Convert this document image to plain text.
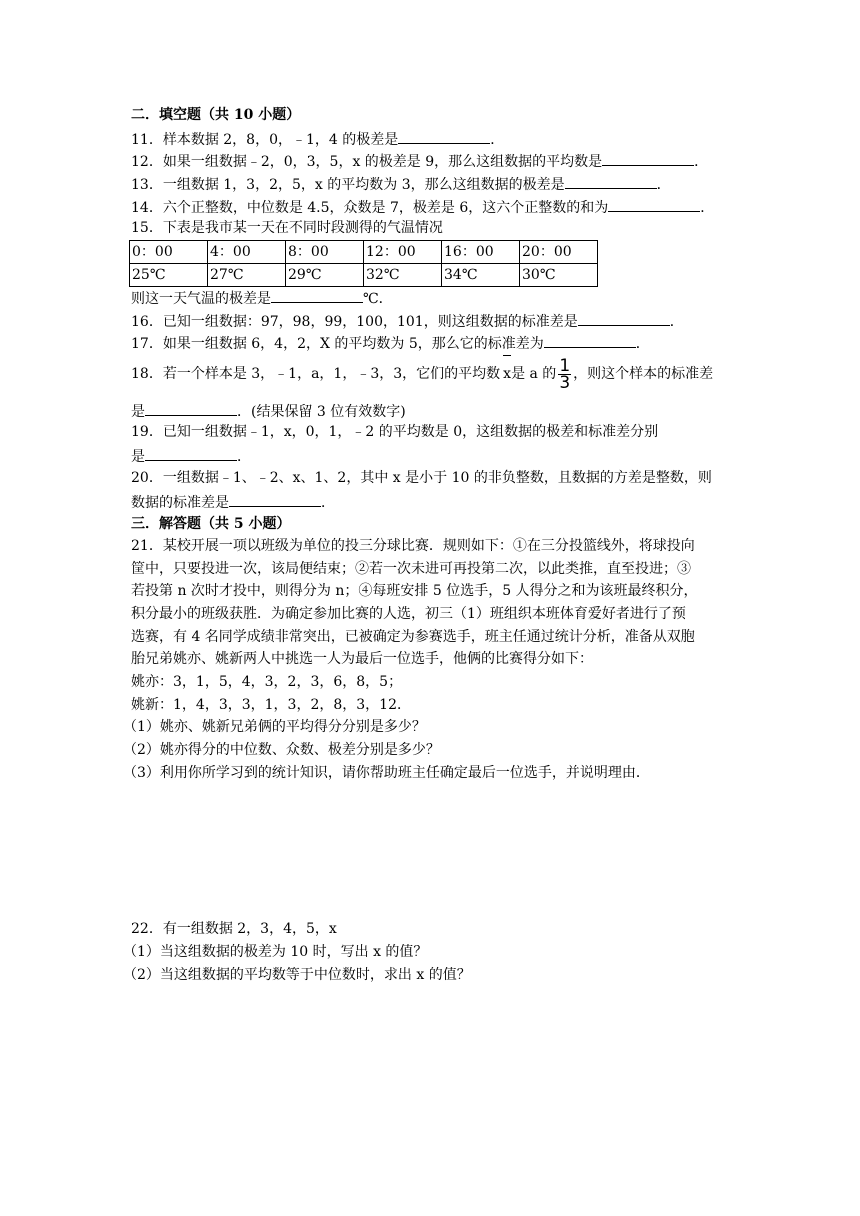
二．填空题（共 10 小题）
11．样本数据 2，8，0，﹣1，4 的极差是	．
12．如果一组数据﹣2，0，3，5，x 的极差是 9，那么这组数据的平均数是	．
13．一组数据 1，3，2，5，x 的平均数为 3，那么这组数据的极差是	．
14．六个正整数，中位数是 4.5，众数是 7，极差是 6，这六个正整数的和为	．
15．下表是我市某一天在不同时段测得的气温情况
0：00	4：00	8：00	12：00	16：00	20：00
25℃	27℃	29℃	32℃	34℃	30℃
则这一天气温的极差是	℃．
16．已知一组数据：97，98，99，100，101，则这组数据的标准差是	．
17．如果一组数据 6，4，2，X 的平均数为 5，那么它的标准差为	．
18．若一个样本是 3，﹣1，a，1，﹣3，3，它们的平均数 x是 a 的 $\frac{1}{3}$ ，则这个样本的标准差
是	．(结果保留 3 位有效数字)
19．已知一组数据﹣1，x，0，1，﹣2 的平均数是 0，这组数据的极差和标准差分别
是	．
20．一组数据﹣1、﹣2、x、1、2，其中 x 是小于 10 的非负整数，且数据的方差是整数，则
数据的标准差是	．
三．解答题（共 5 小题）
21．某校开展一项以班级为单位的投三分球比赛．规则如下：①在三分投篮线外，将球投向
筐中，只要投进一次，该局便结束；②若一次未进可再投第二次，以此类推，直至投进；③
若投第 n 次时才投中，则得分为 n；④每班安排 5 位选手，5 人得分之和为该班最终积分，
积分最小的班级获胜．为确定参加比赛的人选，初三（1）班组织本班体育爱好者进行了预
选赛，有 4 名同学成绩非常突出，已被确定为参赛选手，班主任通过统计分析，准备从双胞
胎兄弟姚亦、姚新两人中挑选一人为最后一位选手，他俩的比赛得分如下：
姚亦：3，1，5，4，3，2，3，6，8，5；
姚新：1，4，3，3，1，3，2，8，3，12．
（1）姚亦、姚新兄弟俩的平均得分分别是多少？
（2）姚亦得分的中位数、众数、极差分别是多少？
（3）利用你所学习到的统计知识，请你帮助班主任确定最后一位选手，并说明理由．
22．有一组数据 2，3，4，5，x
（1）当这组数据的极差为 10 时，写出 x 的值？
（2）当这组数据的平均数等于中位数时，求出 x 的值？
